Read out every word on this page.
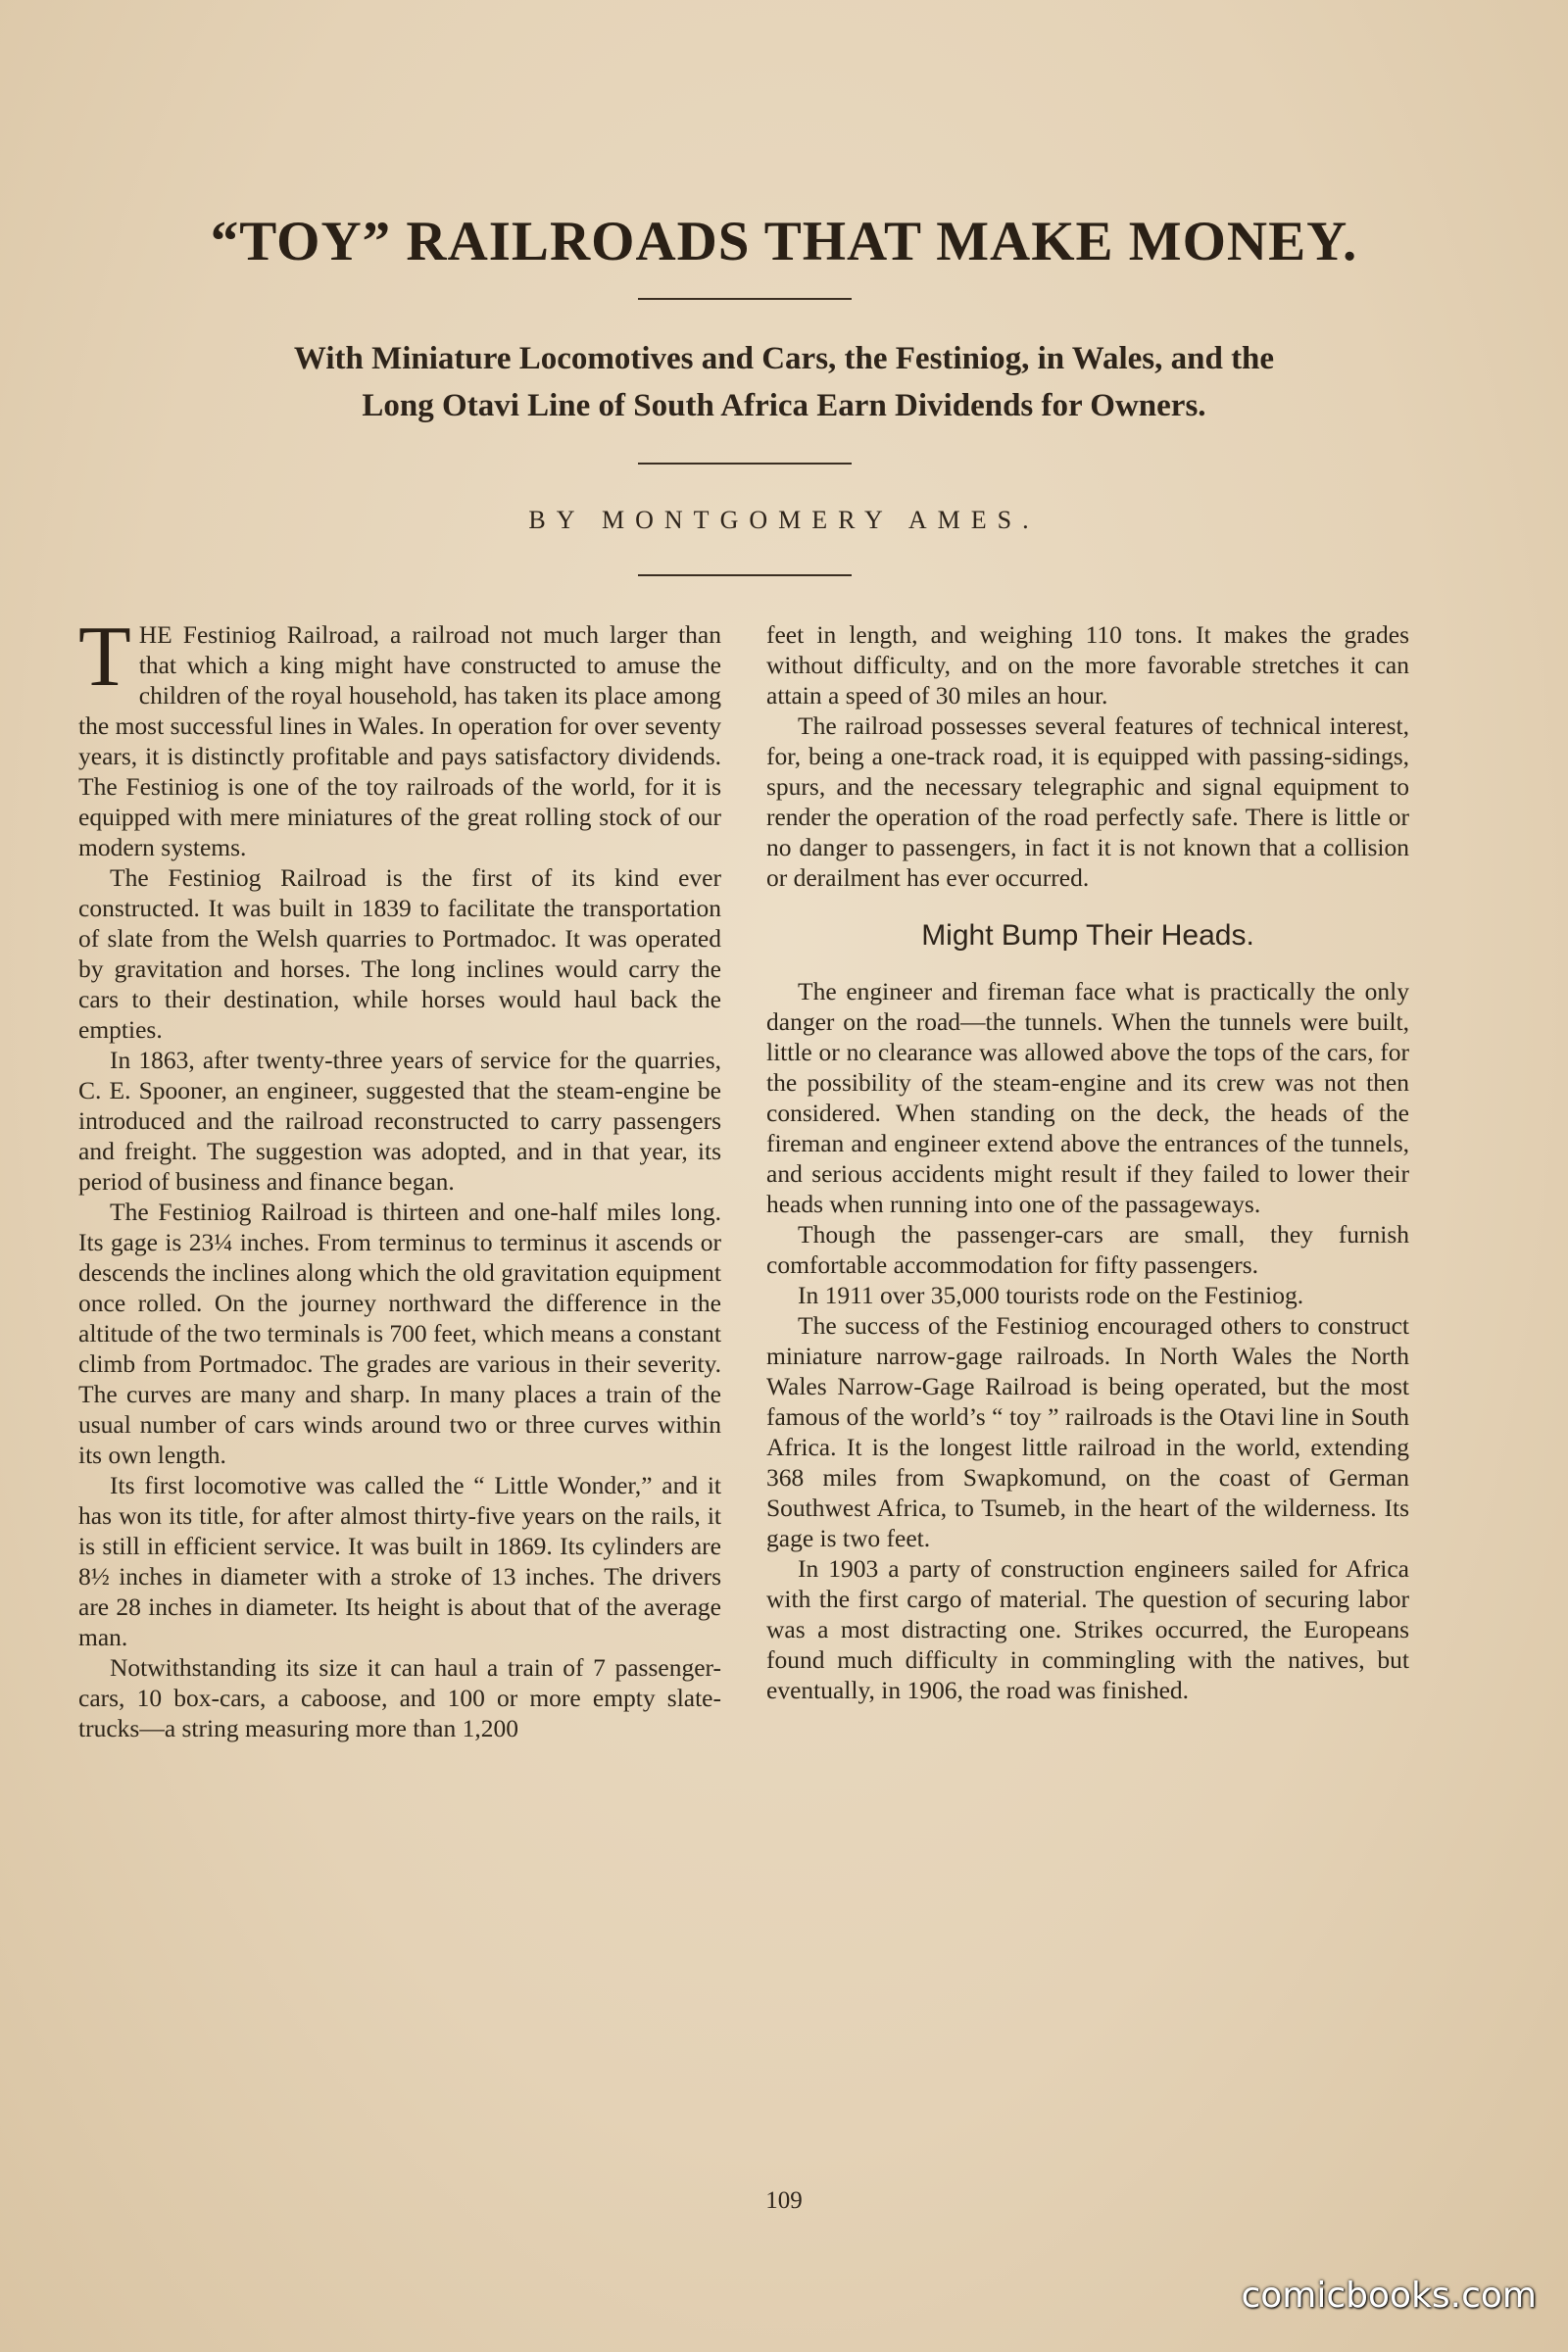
“TOY” RAILROADS THAT MAKE MONEY.
With Miniature Locomotives and Cars, the Festiniog, in Wales, and the
Long Otavi Line of South Africa Earn Dividends for Owners.
BY MONTGOMERY AMES.

THE Festiniog Railroad, a railroad not much larger than that which a king might have constructed to amuse the children of the royal household, has taken its place among the most successful lines in Wales. In operation for over seventy years, it is distinctly profitable and pays satisfactory dividends. The Festiniog is one of the toy railroads of the world, for it is equipped with mere miniatures of the great rolling stock of our modern systems.

The Festiniog Railroad is the first of its kind ever constructed. It was built in 1839 to facilitate the transportation of slate from the Welsh quarries to Portmadoc. It was operated by gravitation and horses. The long inclines would carry the cars to their destination, while horses would haul back the empties.

In 1863, after twenty-three years of service for the quarries, C. E. Spooner, an engineer, suggested that the steam-engine be introduced and the railroad reconstructed to carry passengers and freight. The suggestion was adopted, and in that year, its period of business and finance began.

The Festiniog Railroad is thirteen and one-half miles long. Its gage is 23¼ inches. From terminus to terminus it ascends or descends the inclines along which the old gravitation equipment once rolled. On the journey northward the difference in the altitude of the two terminals is 700 feet, which means a constant climb from Portmadoc. The grades are various in their severity. The curves are many and sharp. In many places a train of the usual number of cars winds around two or three curves within its own length.

Its first locomotive was called the “ Little Wonder,” and it has won its title, for after almost thirty-five years on the rails, it is still in efficient service. It was built in 1869. Its cylinders are 8½ inches in diameter with a stroke of 13 inches. The drivers are 28 inches in diameter. Its height is about that of the average man.

Notwithstanding its size it can haul a train of 7 passenger-cars, 10 box-cars, a caboose, and 100 or more empty slate-trucks—a string measuring more than 1,200

feet in length, and weighing 110 tons. It makes the grades without difficulty, and on the more favorable stretches it can attain a speed of 30 miles an hour.

The railroad possesses several features of technical interest, for, being a one-track road, it is equipped with passing-sidings, spurs, and the necessary telegraphic and signal equipment to render the operation of the road perfectly safe. There is little or no danger to passengers, in fact it is not known that a collision or derailment has ever occurred.

Might Bump Their Heads.

The engineer and fireman face what is practically the only danger on the road—the tunnels. When the tunnels were built, little or no clearance was allowed above the tops of the cars, for the possibility of the steam-engine and its crew was not then considered. When standing on the deck, the heads of the fireman and engineer extend above the entrances of the tunnels, and serious accidents might result if they failed to lower their heads when running into one of the passageways.

Though the passenger-cars are small, they furnish comfortable accommodation for fifty passengers.

In 1911 over 35,000 tourists rode on the Festiniog.

The success of the Festiniog encouraged others to construct miniature narrow-gage railroads. In North Wales the North Wales Narrow-Gage Railroad is being operated, but the most famous of the world’s “ toy ” railroads is the Otavi line in South Africa. It is the longest little railroad in the world, extending 368 miles from Swapkomund, on the coast of German Southwest Africa, to Tsumeb, in the heart of the wilderness. Its gage is two feet.

In 1903 a party of construction engineers sailed for Africa with the first cargo of material. The question of securing labor was a most distracting one. Strikes occurred, the Europeans found much difficulty in commingling with the natives, but eventually, in 1906, the road was finished.

109
comicbooks.com
